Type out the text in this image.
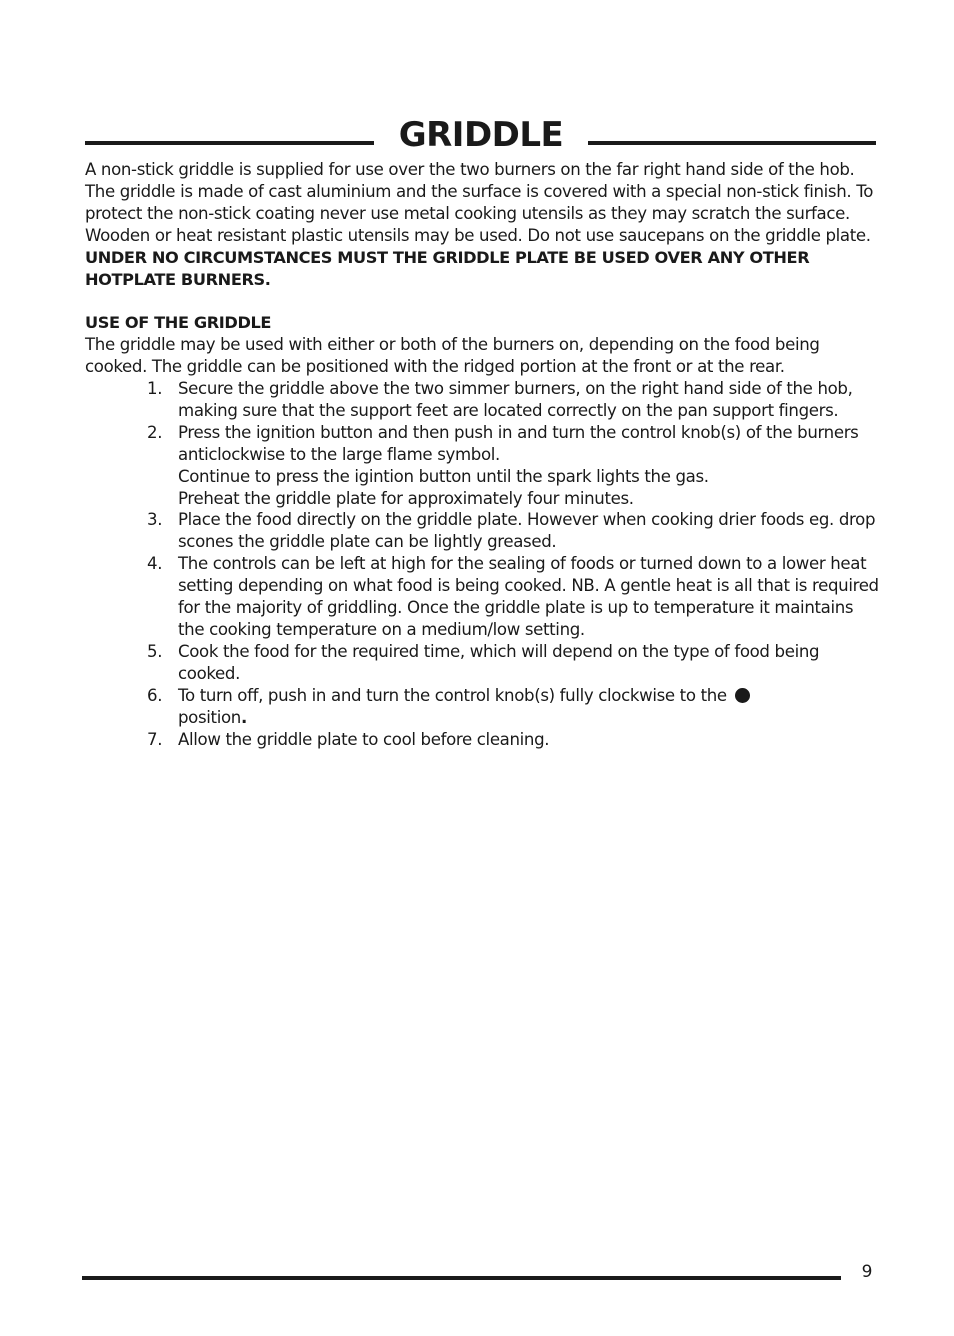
GRIDDLE

A non-stick griddle is supplied for use over the two burners on the far right hand side of the hob. The griddle is made of cast aluminium and the surface is covered with a special non-stick finish. To protect the non-stick coating never use metal cooking utensils as they may scratch the surface. Wooden or heat resistant plastic utensils may be used. Do not use saucepans on the griddle plate.

UNDER NO CIRCUMSTANCES MUST THE GRIDDLE PLATE BE USED OVER ANY OTHER HOTPLATE BURNERS.

USE OF THE GRIDDLE

The griddle may be used with either or both of the burners on, depending on the food being cooked. The griddle can be positioned with the ridged portion at the front or at the rear.

1. Secure the griddle above the two simmer burners, on the right hand side of the hob, making sure that the support feet are located correctly on the pan support fingers.
2. Press the ignition button and then push in and turn the control knob(s) of the burners anticlockwise to the large flame symbol.
Continue to press the igintion button until the spark lights the gas.
Preheat the griddle plate for approximately four minutes.
3. Place the food directly on the griddle plate. However when cooking drier foods eg. drop scones the griddle plate can be lightly greased.
4. The controls can be left at high for the sealing of foods or turned down to a lower heat setting depending on what food is being cooked. NB. A gentle heat is all that is required for the majority of griddling. Once the griddle plate is up to temperature it maintains the cooking temperature on a medium/low setting.
5. Cook the food for the required time, which will depend on the type of food being cooked.
6. To turn off, push in and turn the control knob(s) fully clockwise to the
position.
7. Allow the griddle plate to cool before cleaning.
9
